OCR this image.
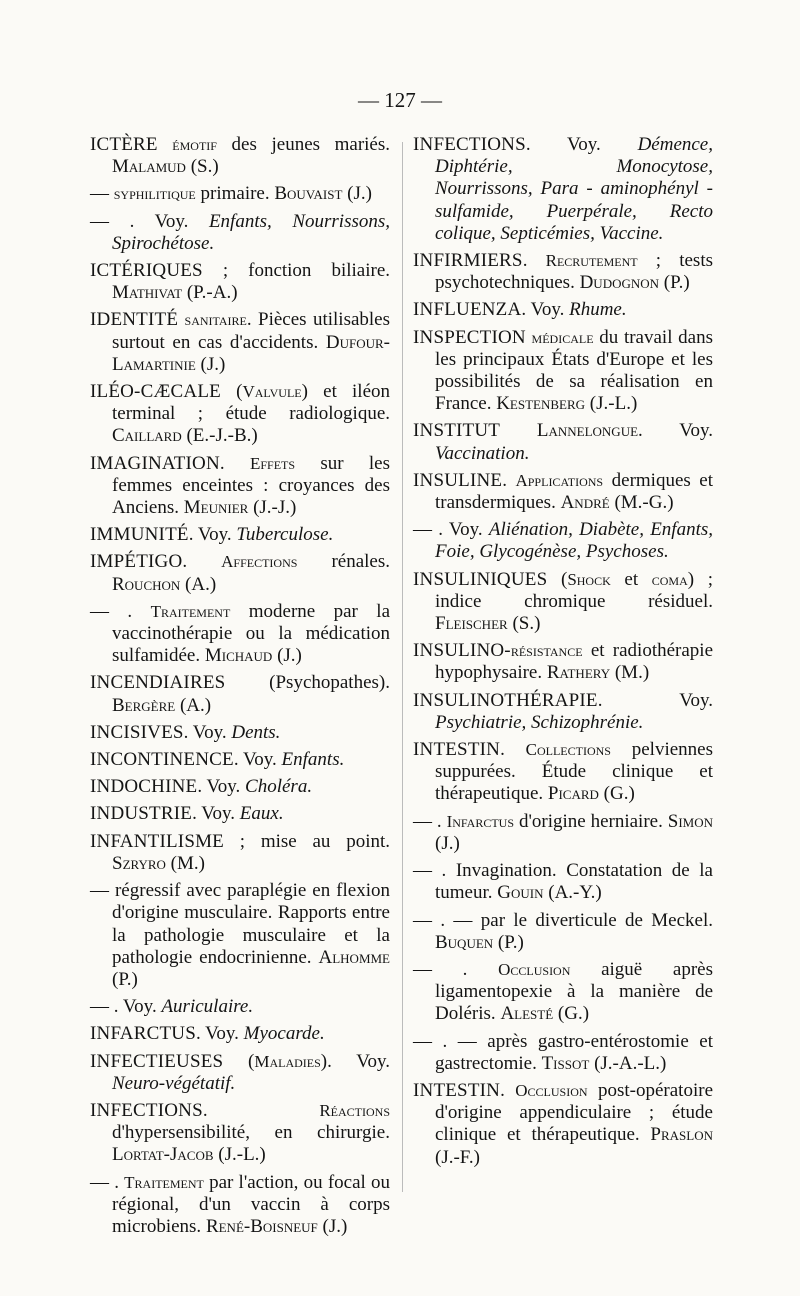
— 127 —

ICTÈRE émotif des jeunes mariés. Malamud (S.)

— syphilitique primaire. Bouvaist (J.)

— . Voy. Enfants, Nourrissons, Spirochétose.

ICTÉRIQUES ; fonction biliaire. Mathivat (P.-A.)

IDENTITÉ sanitaire. Pièces utilisables surtout en cas d'accidents. Dufour-Lamartinie (J.)

ILÉO-CÆCALE (Valvule) et iléon terminal ; étude radiologique. Caillard (E.-J.-B.)

IMAGINATION. Effets sur les femmes enceintes : croyances des Anciens. Meunier (J.-J.)

IMMUNITÉ. Voy. Tuberculose.

IMPÉTIGO. Affections rénales. Rouchon (A.)

— . Traitement moderne par la vaccinothérapie ou la médication sulfamidée. Michaud (J.)

INCENDIAIRES (Psychopathes). Bergère (A.)

INCISIVES. Voy. Dents.

INCONTINENCE. Voy. Enfants.

INDOCHINE. Voy. Choléra.

INDUSTRIE. Voy. Eaux.

INFANTILISME ; mise au point. Szryro (M.)

— régressif avec paraplégie en flexion d'origine musculaire. Rapports entre la pathologie musculaire et la pathologie endocrinienne. Alhomme (P.)

— . Voy. Auriculaire.

INFARCTUS. Voy. Myocarde.

INFECTIEUSES (Maladies). Voy. Neuro-végétatif.

INFECTIONS. Réactions d'hypersensibilité, en chirurgie. Lortat-Jacob (J.-L.)

— . Traitement par l'action, ou focal ou régional, d'un vaccin à corps microbiens. René-Boisneuf (J.)

INFECTIONS. Voy. Démence, Diphtérie, Monocytose, Nourrissons, Para - aminophényl - sulfamide, Puerpérale, Recto colique, Septicémies, Vaccine.

INFIRMIERS. Recrutement ; tests psychotechniques. Dudognon (P.)

INFLUENZA. Voy. Rhume.

INSPECTION médicale du travail dans les principaux États d'Europe et les possibilités de sa réalisation en France. Kestenberg (J.-L.)

INSTITUT Lannelongue. Voy. Vaccination.

INSULINE. Applications dermiques et transdermiques. André (M.-G.)

— . Voy. Aliénation, Diabète, Enfants, Foie, Glycogénèse, Psychoses.

INSULINIQUES (Shock et coma) ; indice chromique résiduel. Fleischer (S.)

INSULINO-résistance et radiothérapie hypophysaire. Rathery (M.)

INSULINOTHÉRAPIE. Voy. Psychiatrie, Schizophrénie.

INTESTIN. Collections pelviennes suppurées. Étude clinique et thérapeutique. Picard (G.)

— . Infarctus d'origine herniaire. Simon (J.)

— . Invagination. Constatation de la tumeur. Gouin (A.-Y.)

— . — par le diverticule de Meckel. Buquen (P.)

— . Occlusion aiguë après ligamentopexie à la manière de Doléris. Alesté (G.)

— . — après gastro-entérostomie et gastrectomie. Tissot (J.-A.-L.)

INTESTIN. Occlusion post-opératoire d'origine appendiculaire ; étude clinique et thérapeutique. Praslon (J.-F.)
